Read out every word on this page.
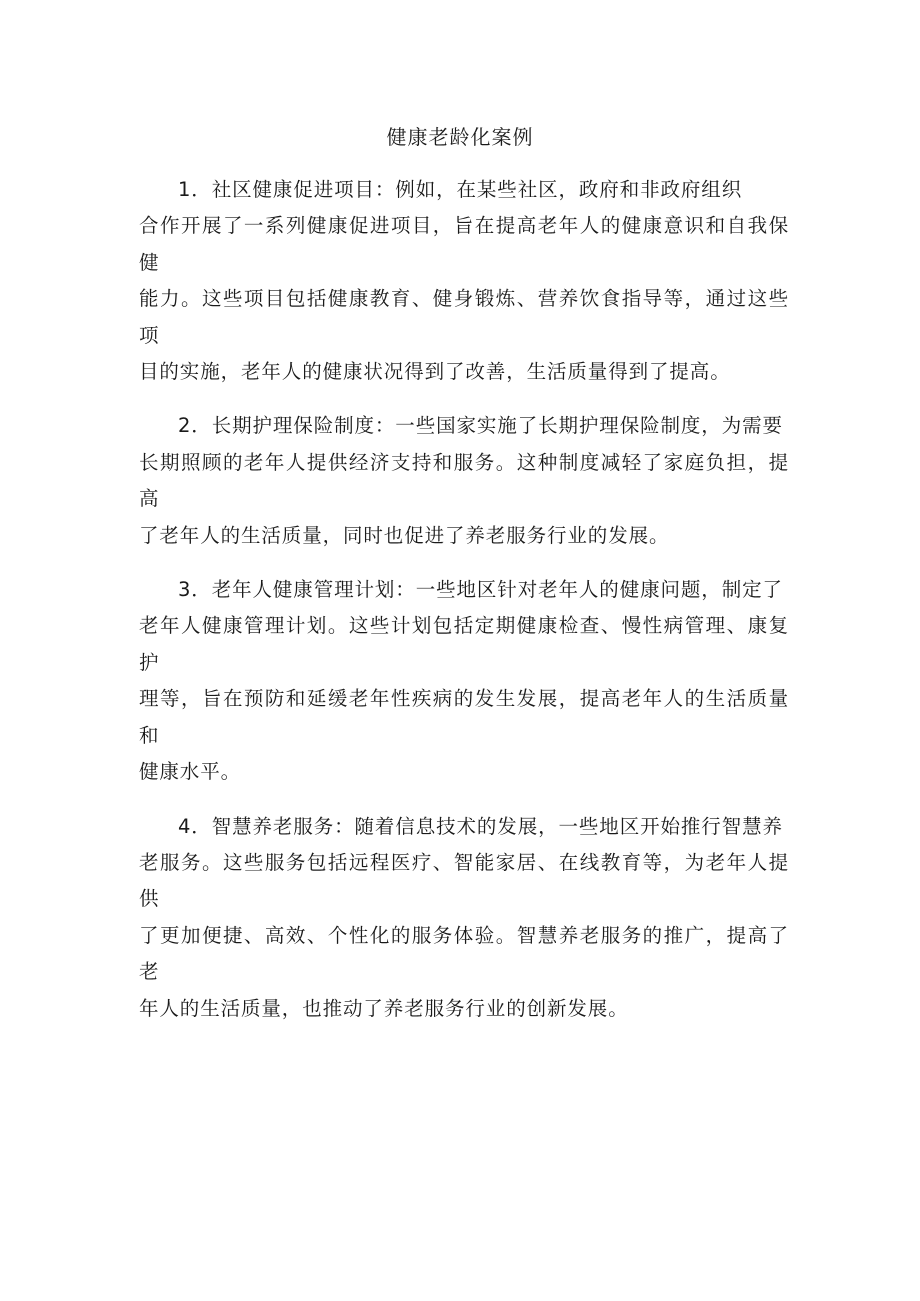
健康老龄化案例
1．社区健康促进项目：例如，在某些社区，政府和非政府组织
合作开展了一系列健康促进项目，旨在提高老年人的健康意识和自我保健
能力。这些项目包括健康教育、健身锻炼、营养饮食指导等，通过这些项
目的实施，老年人的健康状况得到了改善，生活质量得到了提高。
2．长期护理保险制度：一些国家实施了长期护理保险制度，为需要
长期照顾的老年人提供经济支持和服务。这种制度减轻了家庭负担，提高
了老年人的生活质量，同时也促进了养老服务行业的发展。
3．老年人健康管理计划：一些地区针对老年人的健康问题，制定了
老年人健康管理计划。这些计划包括定期健康检查、慢性病管理、康复护
理等，旨在预防和延缓老年性疾病的发生发展，提高老年人的生活质量和
健康水平。
4．智慧养老服务：随着信息技术的发展，一些地区开始推行智慧养
老服务。这些服务包括远程医疗、智能家居、在线教育等，为老年人提供
了更加便捷、高效、个性化的服务体验。智慧养老服务的推广，提高了老
年人的生活质量，也推动了养老服务行业的创新发展。
